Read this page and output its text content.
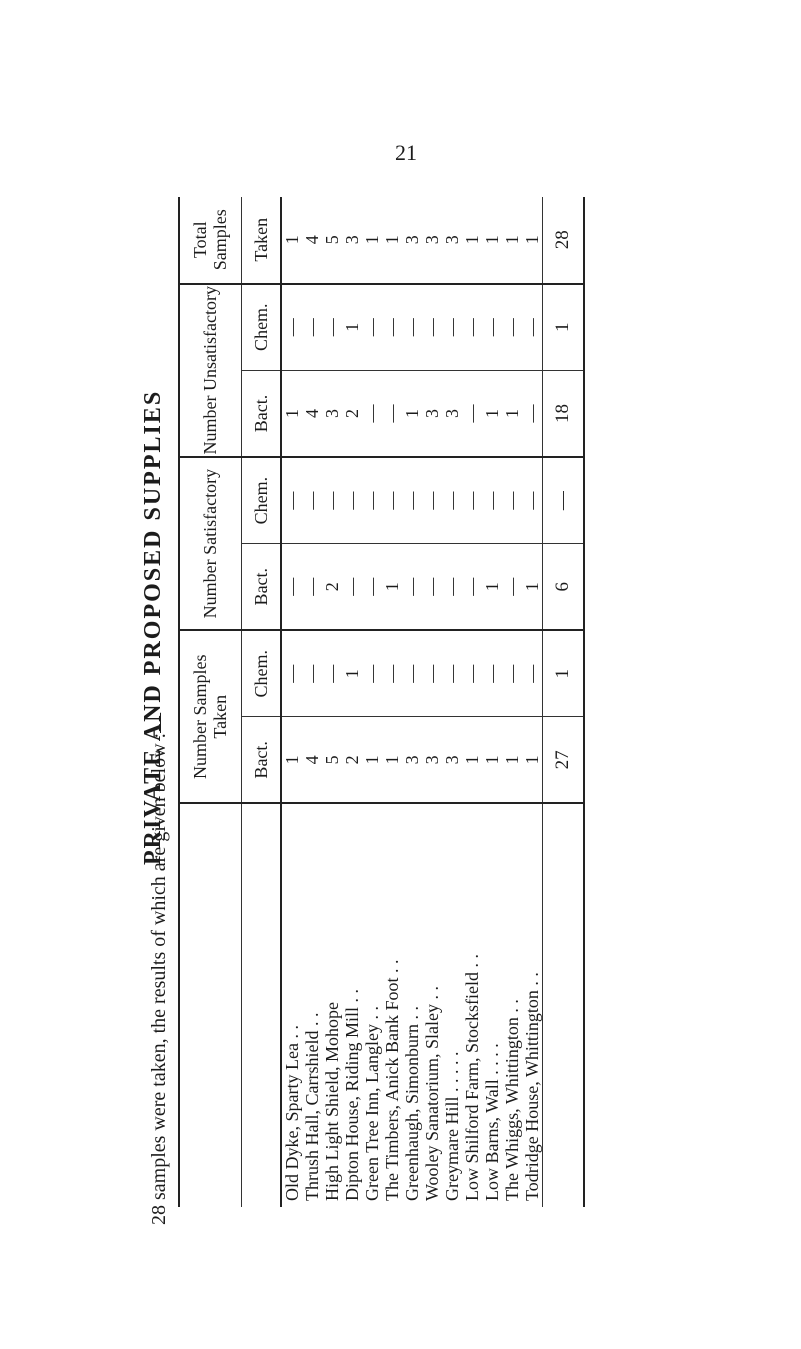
21
28 samples were taken, the results of which are given below :—
PRIVATE AND PROPOSED SUPPLIES
	Number Samples Taken		Number Satisfactory		Number Unsatisfactory		Total Samples
	Bact.	Chem.	Bact.	Chem.	Bact.	Chem.	Taken
Old Dyke, Sparty Lea . .	1	—	—	—	1	—	1
Thrush Hall, Carrshield . .	4	—	—	—	4	—	4
High Light Shield, Mohope	5	—	2	—	3	—	5
Dipton House, Riding Mill . .	2	1	—	—	2	1	3
Green Tree Inn, Langley . .	1	—	—	—	—	—	1
The Timbers, Anick Bank Foot . .	1	—	1	—	—	—	1
Greenhaugh, Simonburn . .	3	—	—	—	1	—	3
Wooley Sanatorium, Slaley . .	3	—	—	—	3	—	3
Greymare Hill . . . . .	3	—	—	—	3	—	3
Low Shilford Farm, Stocksfield . .	1	—	—	—	—	—	1
Low Barns, Wall . . . .	1	—	1	—	1	—	1
The Whiggs, Whittington . .	1	—	—	—	1	—	1
Todridge House, Whittington . .	1	—	1	—	—	—	1
	27	1	6	—	18	1	28
